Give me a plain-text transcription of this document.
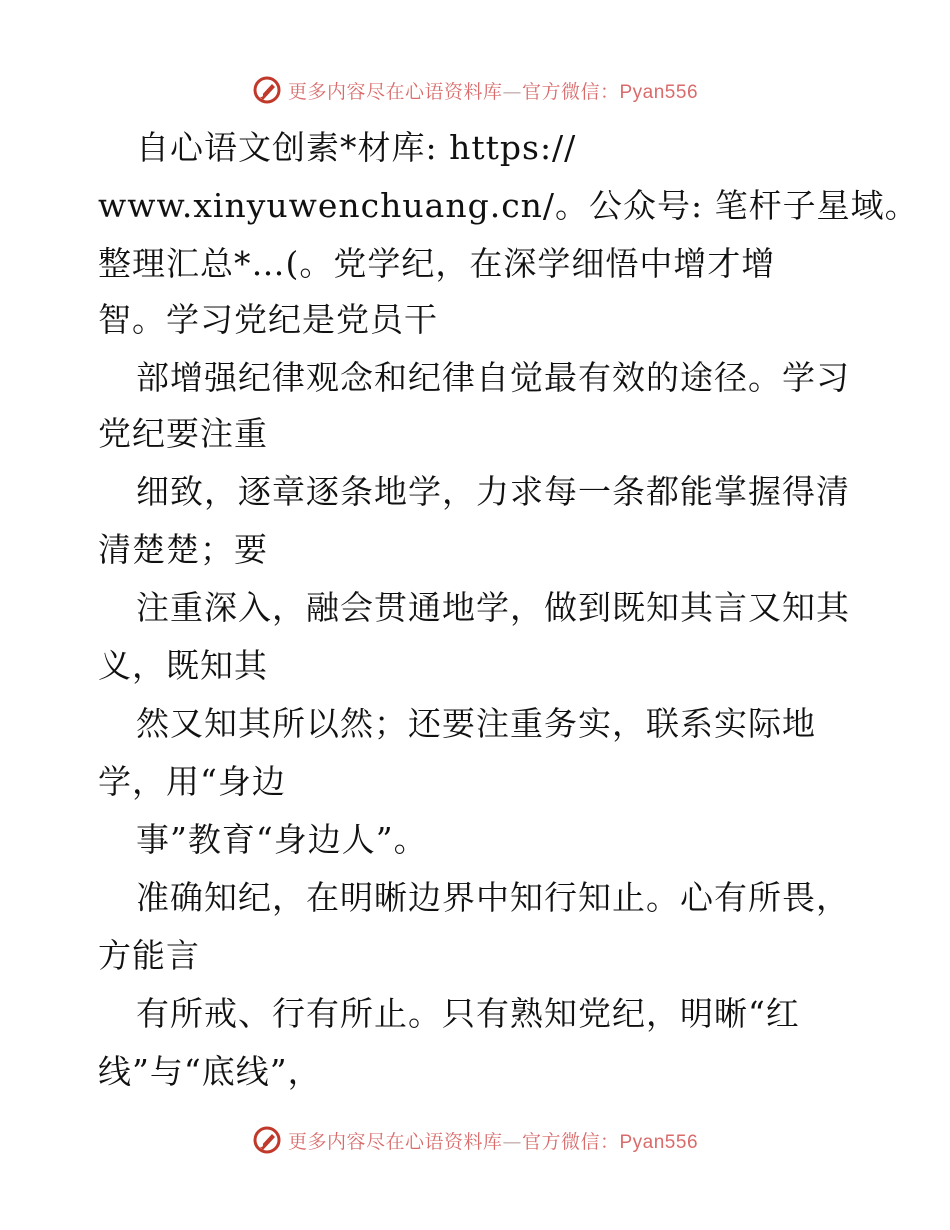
更多内容尽在心语资料库—官方微信：Pyan556
自心语文创素*材库: https://
www.xinyuwenchuang.cn/。公众号: 笔杆子星域。
整理汇总*…(。党学纪，在深学细悟中增才增
智。学习党纪是党员干
部增强纪律观念和纪律自觉最有效的途径。学习
党纪要注重
细致，逐章逐条地学，力求每一条都能掌握得清
清楚楚；要
注重深入，融会贯通地学，做到既知其言又知其
义，既知其
然又知其所以然；还要注重务实，联系实际地
学，用“身边
事”教育“身边人”。
准确知纪，在明晰边界中知行知止。心有所畏，
方能言
有所戒、行有所止。只有熟知党纪，明晰“红
线”与“底线”，
更多内容尽在心语资料库—官方微信：Pyan556
